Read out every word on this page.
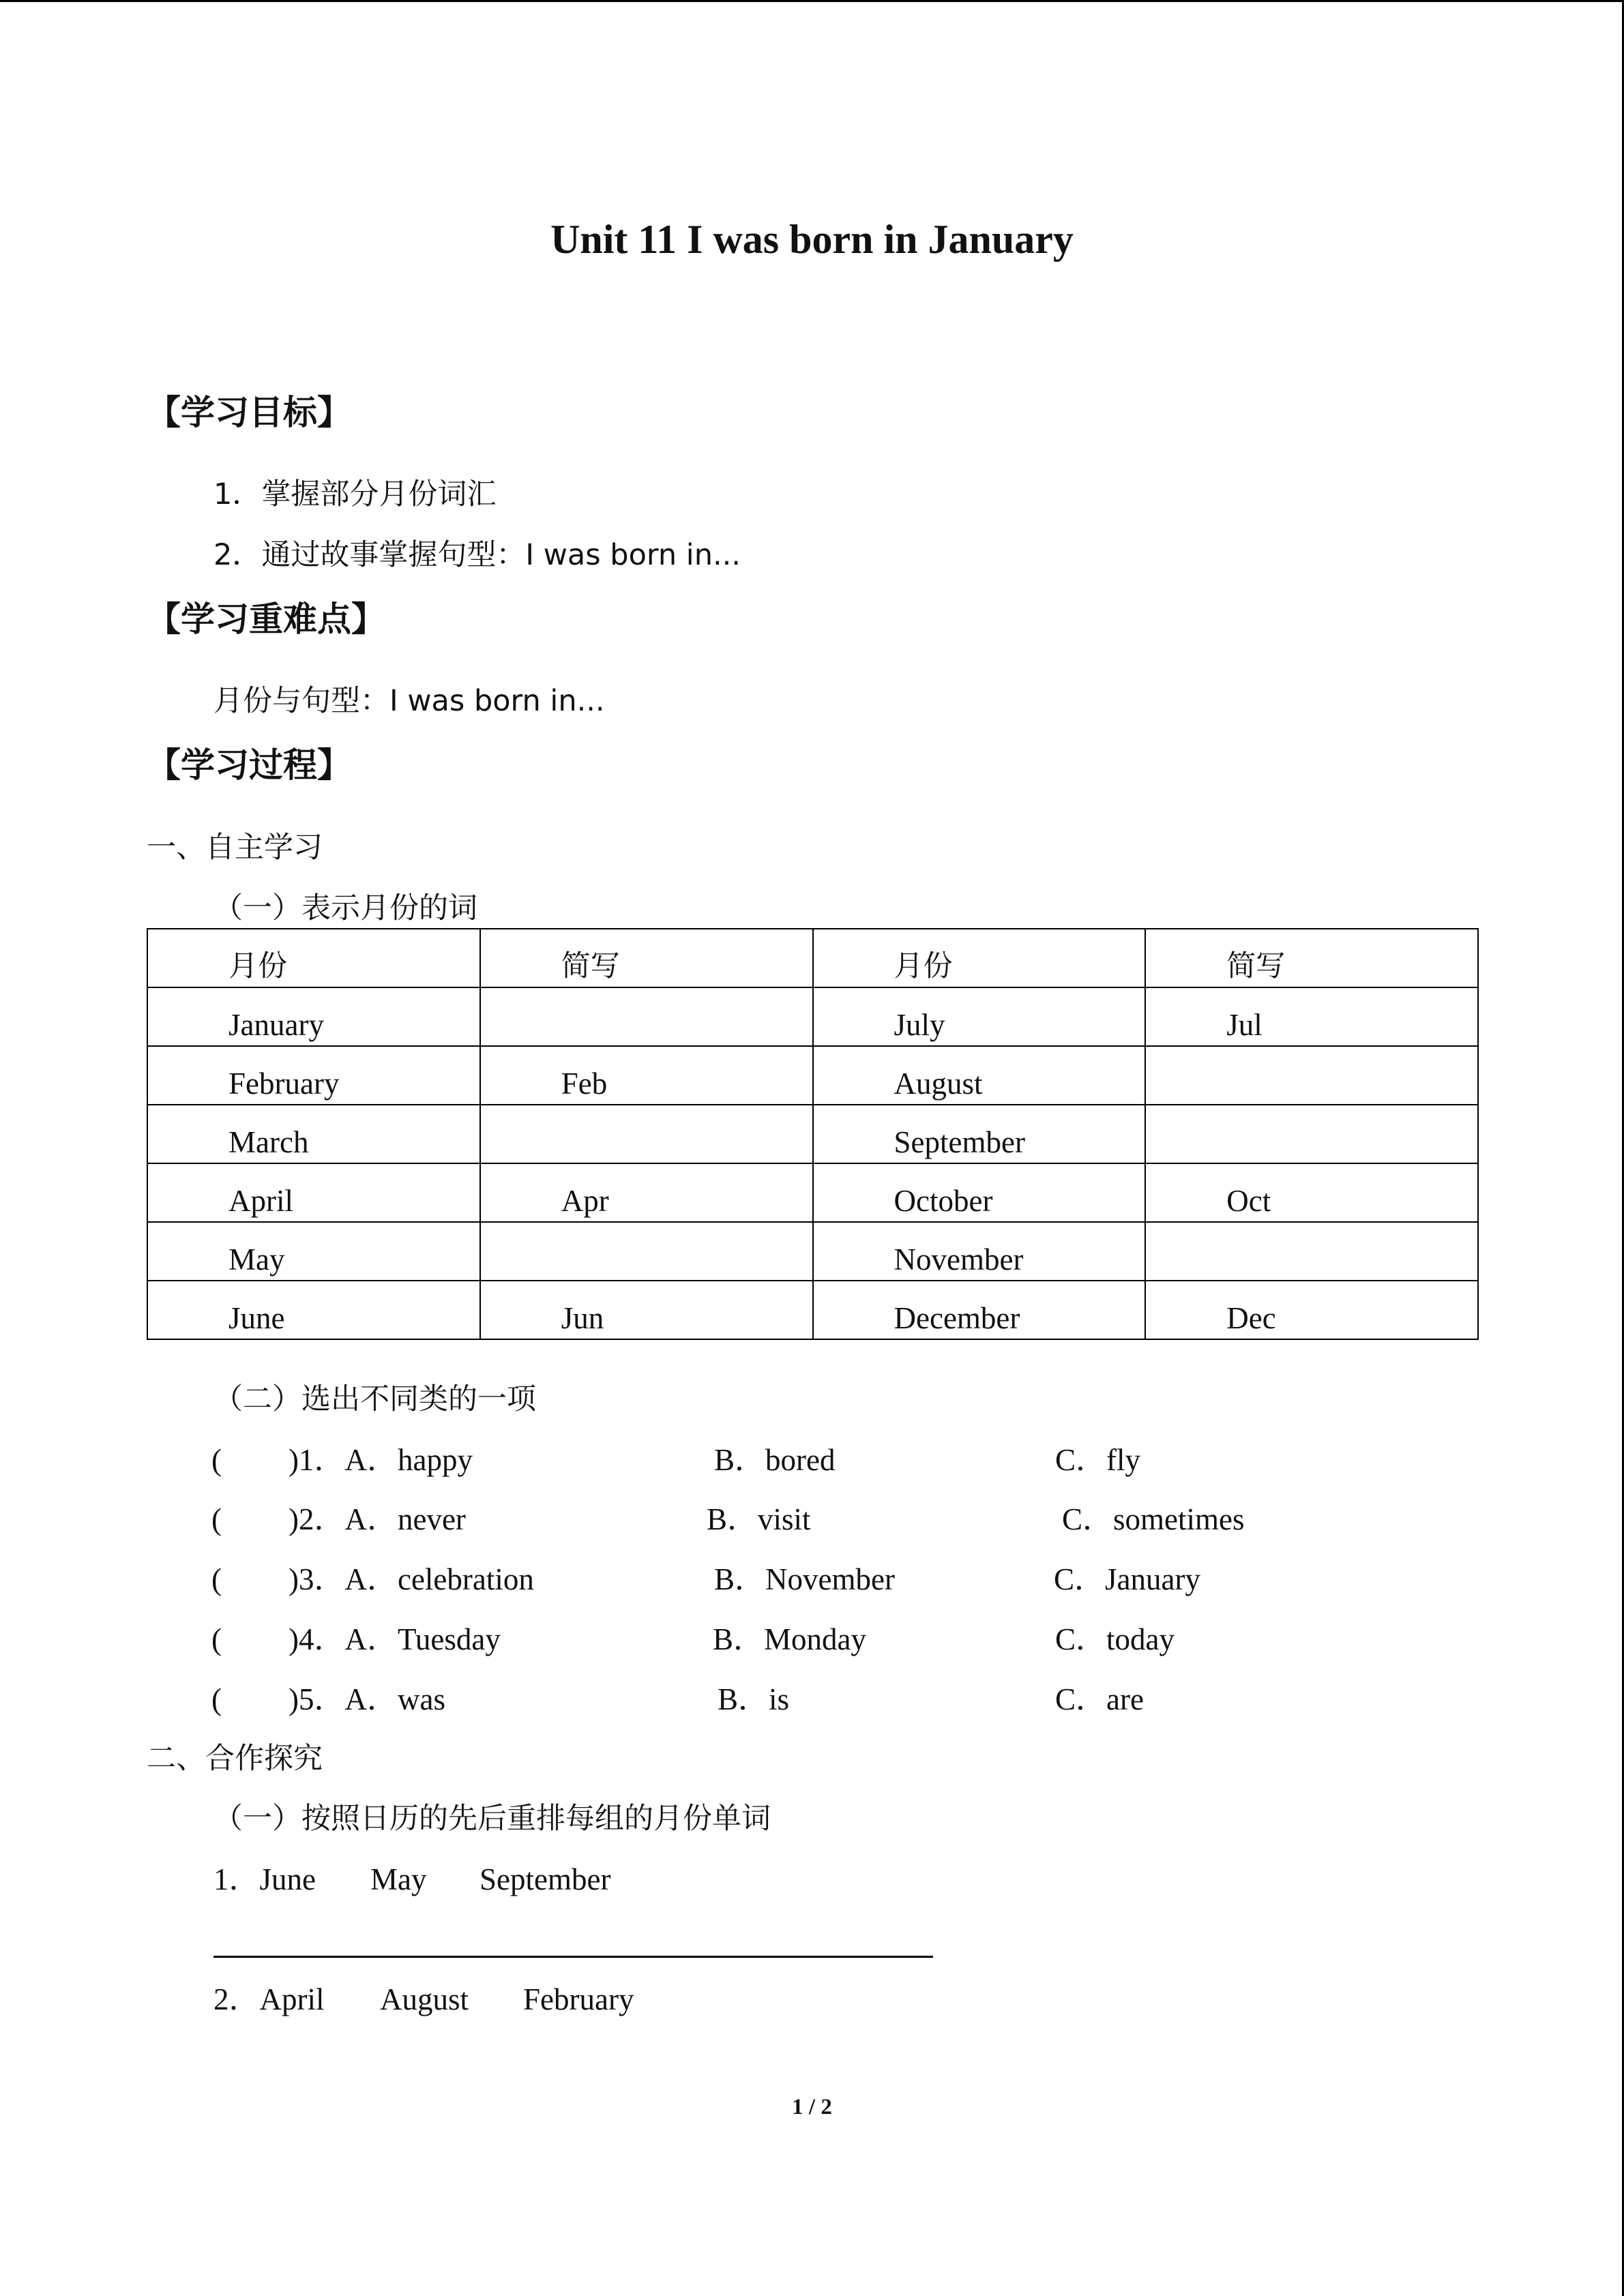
Unit 11 I was born in January
【学习目标】
1．掌握部分月份词汇
2．通过故事掌握句型：I was born in...
【学习重难点】
月份与句型：I was born in...
【学习过程】
一、自主学习
（一）表示月份的词
月份	简写	月份	简写
January		July	Jul
February	Feb	August	
March		September	
April	Apr	October	Oct
May		November	
June	Jun	December	Dec
（二）选出不同类的一项
( )1．A．happy	B．bored	C．fly
( )2．A．never	B．visit	C．sometimes
( )3．A．celebration	B．November	C．January
( )4．A．Tuesday	B．Monday	C．today
( )5．A．was	B．is	C．are
二、合作探究
（一）按照日历的先后重排每组的月份单词
1．June May September
2．April August February
1 / 2
